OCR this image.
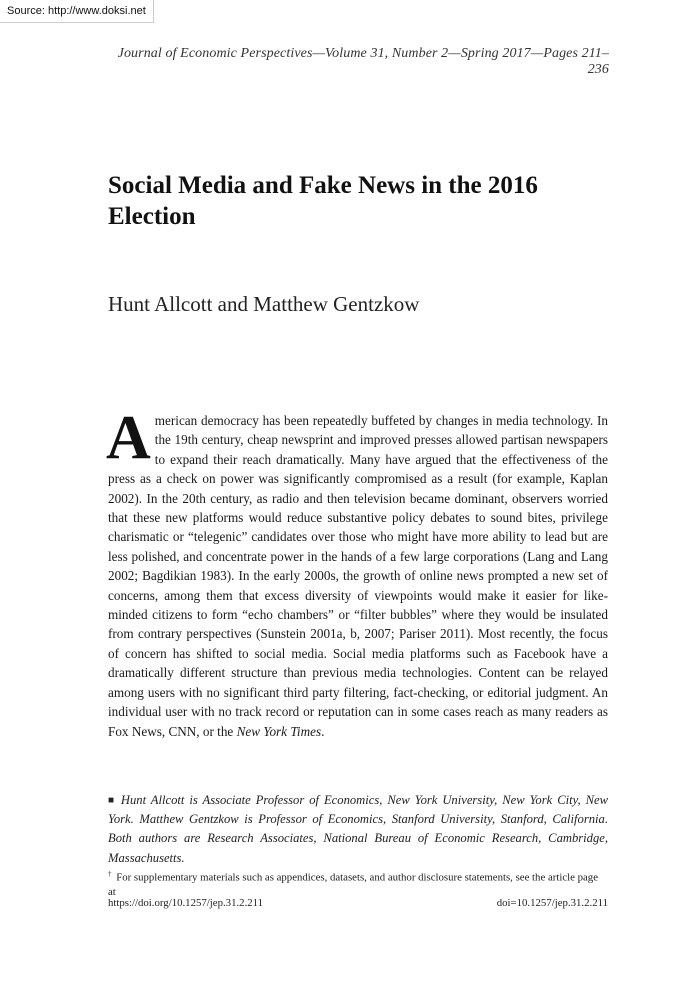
Source: http://www.doksi.net
Journal of Economic Perspectives—Volume 31, Number 2—Spring 2017—Pages 211–236
Social Media and Fake News in the 2016 Election
Hunt Allcott and Matthew Gentzkow

American democracy has been repeatedly buffeted by changes in media technology. In the 19th century, cheap newsprint and improved presses allowed partisan newspapers to expand their reach dramatically. Many have argued that the effectiveness of the press as a check on power was significantly compromised as a result (for example, Kaplan 2002). In the 20th century, as radio and then television became dominant, observers worried that these new platforms would reduce substantive policy debates to sound bites, privilege charismatic or “telegenic” candidates over those who might have more ability to lead but are less polished, and concentrate power in the hands of a few large corporations (Lang and Lang 2002; Bagdikian 1983). In the early 2000s, the growth of online news prompted a new set of concerns, among them that excess diversity of viewpoints would make it easier for like-minded citizens to form “echo chambers” or “filter bubbles” where they would be insulated from contrary perspectives (Sunstein 2001a, b, 2007; Pariser 2011). Most recently, the focus of concern has shifted to social media. Social media platforms such as Facebook have a dramatically different structure than previous media technologies. Content can be relayed among users with no significant third party filtering, fact-checking, or editorial judgment. An individual user with no track record or reputation can in some cases reach as many readers as Fox News, CNN, or the New York Times.

■ Hunt Allcott is Associate Professor of Economics, New York University, New York City, New York. Matthew Gentzkow is Professor of Economics, Stanford University, Stanford, California. Both authors are Research Associates, National Bureau of Economic Research, Cambridge, Massachusetts.

† For supplementary materials such as appendices, datasets, and author disclosure statements, see the article page at

https://doi.org/10.1257/jep.31.2.211	doi=10.1257/jep.31.2.211
